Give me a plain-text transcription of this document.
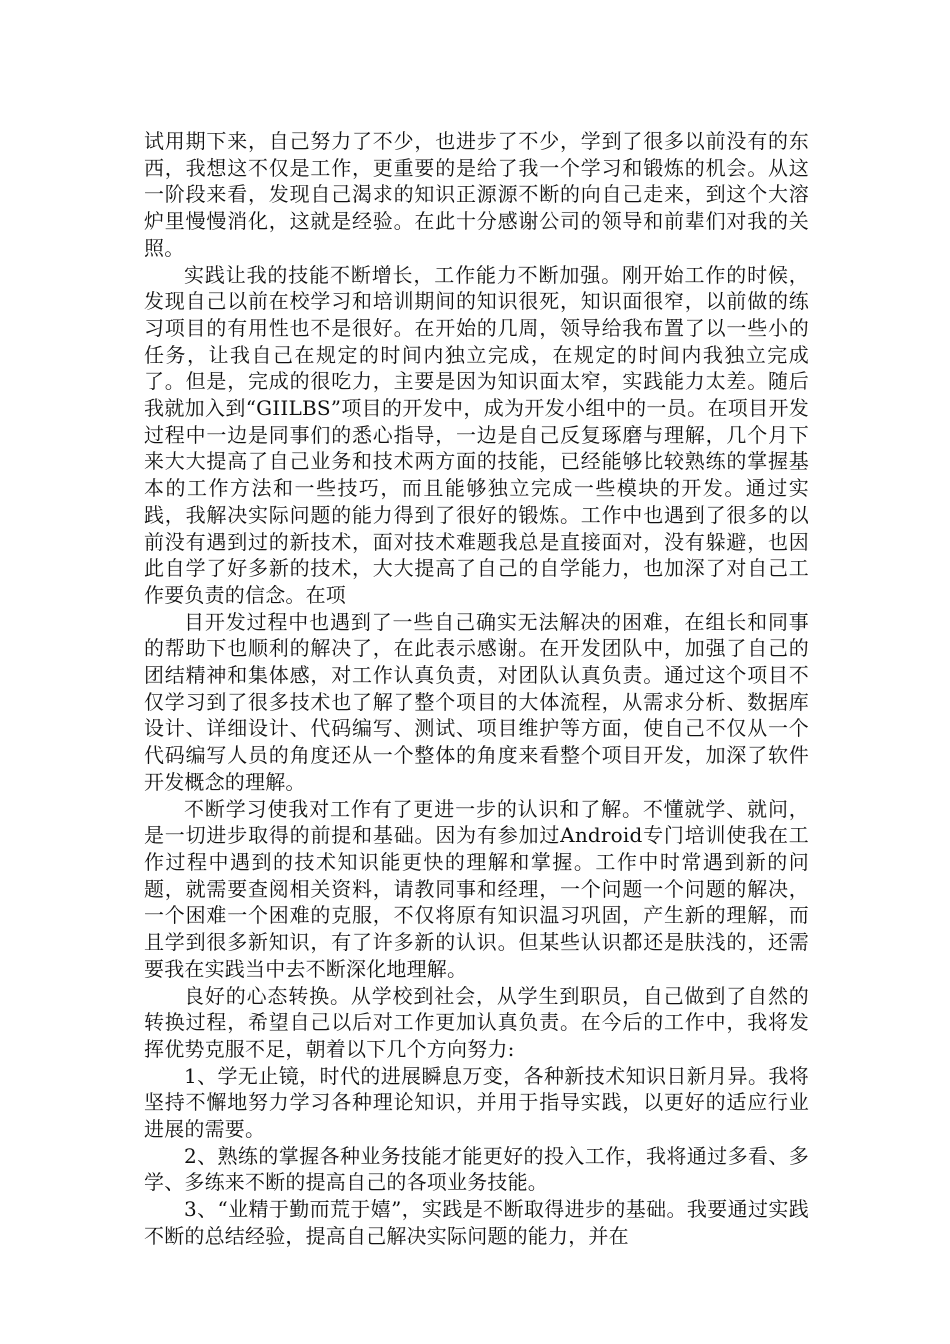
试用期下来，自己努力了不少，也进步了不少，学到了很多以前没有的东西，我想这不仅是工作，更重要的是给了我一个学习和锻炼的机会。从这一阶段来看，发现自己渴求的知识正源源不断的向自己走来，到这个大溶炉里慢慢消化，这就是经验。在此十分感谢公司的领导和前辈们对我的关照。

实践让我的技能不断增长，工作能力不断加强。刚开始工作的时候，发现自己以前在校学习和培训期间的知识很死，知识面很窄，以前做的练习项目的有用性也不是很好。在开始的几周，领导给我布置了以一些小的任务，让我自己在规定的时间内独立完成，在规定的时间内我独立完成了。但是，完成的很吃力，主要是因为知识面太窄，实践能力太差。随后我就加入到“GIILBS”项目的开发中，成为开发小组中的一员。在项目开发过程中一边是同事们的悉心指导，一边是自己反复琢磨与理解，几个月下来大大提高了自己业务和技术两方面的技能，已经能够比较熟练的掌握基本的工作方法和一些技巧，而且能够独立完成一些模块的开发。通过实践，我解决实际问题的能力得到了很好的锻炼。工作中也遇到了很多的以前没有遇到过的新技术，面对技术难题我总是直接面对，没有躲避，也因此自学了好多新的技术，大大提高了自己的自学能力，也加深了对自己工作要负责的信念。在项

目开发过程中也遇到了一些自己确实无法解决的困难，在组长和同事的帮助下也顺利的解决了，在此表示感谢。在开发团队中，加强了自己的团结精神和集体感，对工作认真负责，对团队认真负责。通过这个项目不仅学习到了很多技术也了解了整个项目的大体流程，从需求分析、数据库设计、详细设计、代码编写、测试、项目维护等方面，使自己不仅从一个代码编写人员的角度还从一个整体的角度来看整个项目开发，加深了软件开发概念的理解。

不断学习使我对工作有了更进一步的认识和了解。不懂就学、就问，是一切进步取得的前提和基础。因为有参加过Android专门培训使我在工作过程中遇到的技术知识能更快的理解和掌握。工作中时常遇到新的问题，就需要查阅相关资料，请教同事和经理，一个问题一个问题的解决，一个困难一个困难的克服，不仅将原有知识温习巩固，产生新的理解，而且学到很多新知识，有了许多新的认识。但某些认识都还是肤浅的，还需要我在实践当中去不断深化地理解。

良好的心态转换。从学校到社会，从学生到职员，自己做到了自然的转换过程，希望自己以后对工作更加认真负责。在今后的工作中，我将发挥优势克服不足，朝着以下几个方向努力:

1、学无止镜，时代的进展瞬息万变，各种新技术知识日新月异。我将坚持不懈地努力学习各种理论知识，并用于指导实践，以更好的适应行业进展的需要。

2、熟练的掌握各种业务技能才能更好的投入工作，我将通过多看、多学、多练来不断的提高自己的各项业务技能。

3、“业精于勤而荒于嬉”，实践是不断取得进步的基础。我要通过实践不断的总结经验，提高自己解决实际问题的能力，并在
